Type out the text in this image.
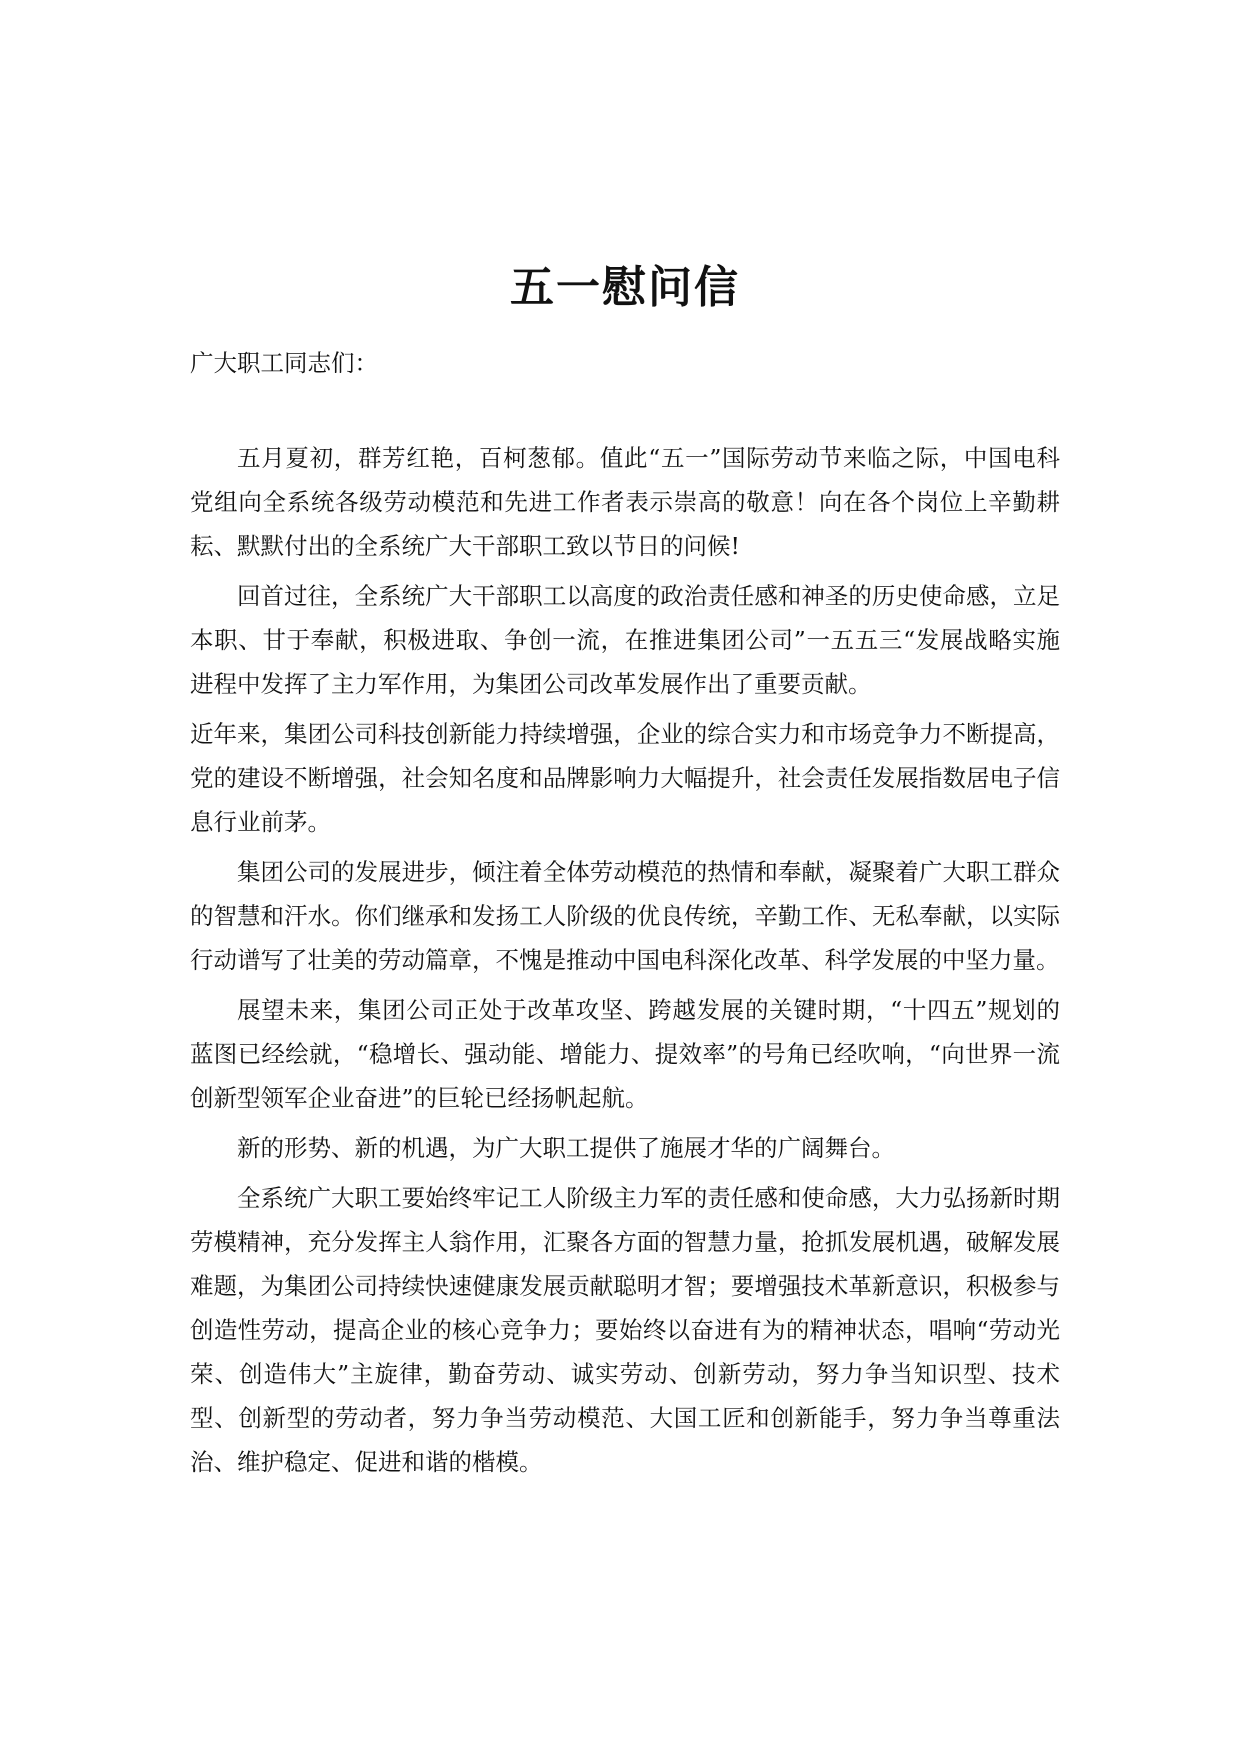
五一慰问信

广大职工同志们：

五月夏初，群芳红艳，百柯葱郁。值此“五一”国际劳动节来临之际，中国电科党组向全系统各级劳动模范和先进工作者表示崇高的敬意！向在各个岗位上辛勤耕耘、默默付出的全系统广大干部职工致以节日的问候!

回首过往，全系统广大干部职工以高度的政治责任感和神圣的历史使命感，立足本职、甘于奉献，积极进取、争创一流，在推进集团公司”一五五三“发展战略实施进程中发挥了主力军作用，为集团公司改革发展作出了重要贡献。

近年来，集团公司科技创新能力持续增强，企业的综合实力和市场竞争力不断提高，党的建设不断增强，社会知名度和品牌影响力大幅提升，社会责任发展指数居电子信息行业前茅。

集团公司的发展进步，倾注着全体劳动模范的热情和奉献，凝聚着广大职工群众的智慧和汗水。你们继承和发扬工人阶级的优良传统，辛勤工作、无私奉献，以实际行动谱写了壮美的劳动篇章，不愧是推动中国电科深化改革、科学发展的中坚力量。

展望未来，集团公司正处于改革攻坚、跨越发展的关键时期，“十四五”规划的蓝图已经绘就，“稳增长、强动能、增能力、提效率”的号角已经吹响，“向世界一流创新型领军企业奋进”的巨轮已经扬帆起航。

新的形势、新的机遇，为广大职工提供了施展才华的广阔舞台。

全系统广大职工要始终牢记工人阶级主力军的责任感和使命感，大力弘扬新时期劳模精神，充分发挥主人翁作用，汇聚各方面的智慧力量，抢抓发展机遇，破解发展难题，为集团公司持续快速健康发展贡献聪明才智；要增强技术革新意识，积极参与创造性劳动，提高企业的核心竞争力；要始终以奋进有为的精神状态，唱响“劳动光荣、创造伟大”主旋律，勤奋劳动、诚实劳动、创新劳动，努力争当知识型、技术型、创新型的劳动者，努力争当劳动模范、大国工匠和创新能手，努力争当尊重法治、维护稳定、促进和谐的楷模。
